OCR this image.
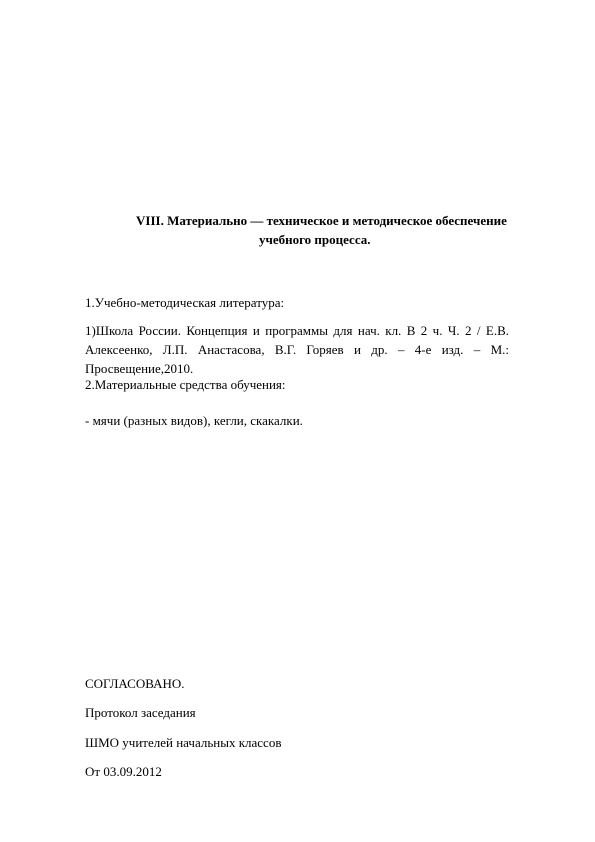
VIII. Материально — техническое и методическое обеспечение
учебного процесса.
1.Учебно-методическая литература:
1)Школа России. Концепция и программы для нач. кл. В 2 ч. Ч. 2 / Е.В. Алексеенко, Л.П. Анастасова, В.Г. Горяев и др. – 4-е изд. – М.: Просвещение,2010.
2.Материальные средства обучения:
- мячи (разных видов), кегли, скакалки.
СОГЛАСОВАНО.
Протокол заседания
ШМО учителей начальных классов
От 03.09.2012
